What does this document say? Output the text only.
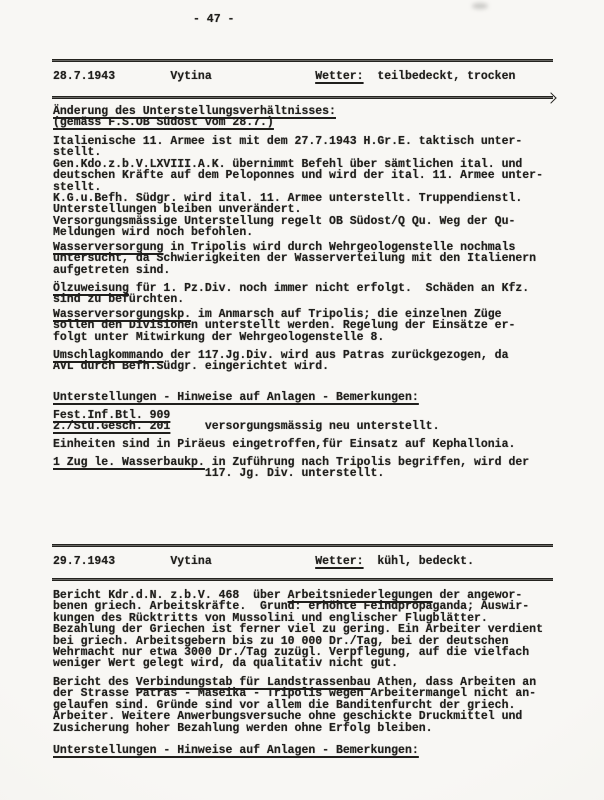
- 47 -
28.7.1943        Vytina               Wetter:  teilbedeckt, trocken
Änderung des Unterstellungsverhältnisses:
(gemäss F.S.OB Südost vom 28.7.)
Italienische 11. Armee ist mit dem 27.7.1943 H.Gr.E. taktisch unter-
stellt.
Gen.Kdo.z.b.V.LXVIII.A.K. übernimmt Befehl über sämtlichen ital. und
deutschen Kräfte auf dem Peloponnes und wird der ital. 11. Armee unter-
stellt.
K.G.u.Befh. Südgr. wird ital. 11. Armee unterstellt. Truppendienstl.
Unterstellungen bleiben unverändert.
Versorgungsmässige Unterstellung regelt OB Südost/Q Qu. Weg der Qu-
Meldungen wird noch befohlen.
Wasserversorgung in Tripolis wird durch Wehrgeologenstelle nochmals
untersucht, da Schwierigkeiten der Wasserverteilung mit den Italienern
aufgetreten sind.
Ölzuweisung für 1. Pz.Div. noch immer nicht erfolgt.  Schäden an Kfz.
sind zu befürchten.
Wasserversorgungskp. im Anmarsch auf Tripolis; die einzelnen Züge
sollen den Divisionen unterstellt werden. Regelung der Einsätze er-
folgt unter Mitwirkung der Wehrgeologenstelle 8.
Umschlagkommando der 117.Jg.Div. wird aus Patras zurückgezogen, da
AVL durch Befh.Südgr. eingerichtet wird.
Unterstellungen - Hinweise auf Anlagen - Bemerkungen:
Fest.Inf.Btl. 909
2./Stu.Gesch. 201     versorgungsmässig neu unterstellt.
Einheiten sind in Piräeus eingetroffen,für Einsatz auf Kephallonia.
1 Zug le. Wasserbaukp. in Zuführung nach Tripolis begriffen, wird der
117. Jg. Div. unterstellt.
29.7.1943        Vytina               Wetter:  kühl, bedeckt.
Bericht Kdr.d.N. z.b.V. 468  über Arbeitsniederlegungen der angewor-
benen griech. Arbeitskräfte.  Grund: erhöhte Feindpropaganda; Auswir-
kungen des Rücktritts von Mussolini und englischer Flugblätter.
Bezahlung der Griechen ist ferner viel zu gering. Ein Arbeiter verdient
bei griech. Arbeitsgebern bis zu 10 000 Dr./Tag, bei der deutschen
Wehrmacht nur etwa 3000 Dr./Tag zuzügl. Verpflegung, auf die vielfach
weniger Wert gelegt wird, da qualitativ nicht gut.
Bericht des Verbindungstab für Landstrassenbau Athen, dass Arbeiten an
der Strasse Patras - Maseika - Tripolis wegen Arbeitermangel nicht an-
gelaufen sind. Gründe sind vor allem die Banditenfurcht der griech.
Arbeiter. Weitere Anwerbungsversuche ohne geschickte Druckmittel und
Zusicherung hoher Bezahlung werden ohne Erfolg bleiben.
Unterstellungen - Hinweise auf Anlagen - Bemerkungen:
